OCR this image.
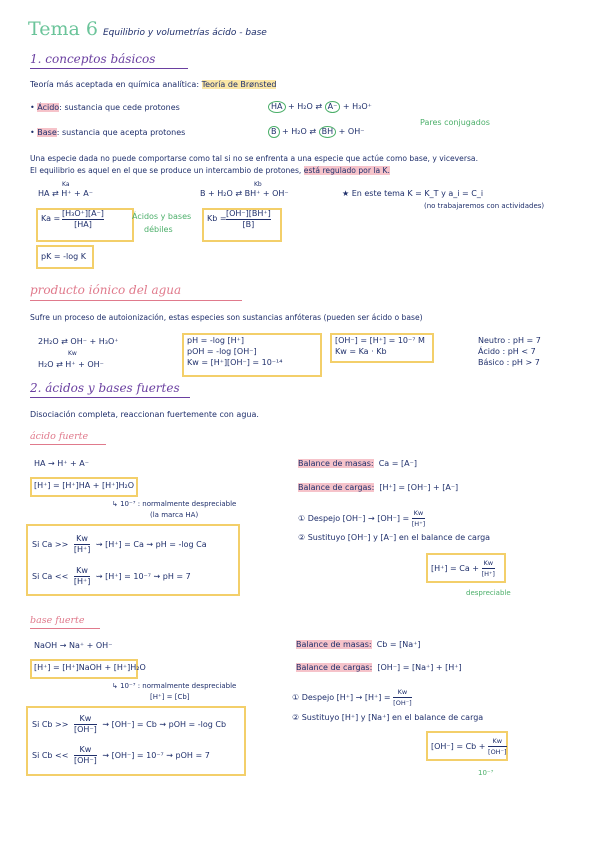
Tema 6 Equilibrio y volumetrías ácido - base
1. conceptos básicos
Teoría más aceptada en química analítica: Teoría de Brønsted
• Ácido: sustancia que cede protones	HA + H₂O ⇄ A⁻ + H₃O⁺
• Base: sustancia que acepta protones	B + H₂O ⇄ BH + OH⁻
Pares conjugados
Una especie dada no puede comportarse como tal si no se enfrenta a una especie que actúe como base, y viceversa.
El equilibrio es aquel en el que se produce un intercambio de protones, está regulado por la K.
Ka
HA ⇄ H⁺ + A⁻
Kb
B + H₂O ⇄ BH⁺ + OH⁻	★ En este tema K = K_T y a_i = C_i
(no trabajaremos con actividades)
Ka =
[H₃O⁺][A⁻]
[HA]
Ácidos y bases
débiles
Kb =
[OH⁻][BH⁺]
[B]
pK = -log K
producto iónico del agua
Sufre un proceso de autoionización, estas especies son sustancias anfóteras (pueden ser ácido o base)
2H₂O ⇄ OH⁻ + H₃O⁺
Kw
H₂O ⇄ H⁺ + OH⁻
pH = -log [H⁺]
pOH = -log [OH⁻]
Kw = [H⁺][OH⁻] = 10⁻¹⁴
[OH⁻] = [H⁺] = 10⁻⁷ M
Kw = Ka · Kb
Neutro : pH = 7
Ácido : pH < 7
Básico : pH > 7
2. ácidos y bases fuertes
Disociación completa, reaccionan fuertemente con agua.
ácido fuerte
HA → H⁺ + A⁻
[H⁺] = [H⁺]HA + [H⁺]H₂O
↳ 10⁻⁷ : normalmente despreciable
(la marca HA)
Si $Ca >> \frac{Kw}{[H^+]}$ ⇝ [H⁺] = Ca ⇝ pH = -log Ca
Si $Ca << \frac{Kw}{[H^+]}$ ⇝ [H⁺] = 10⁻⁷ ⇝ pH = 7
Balance de masas: Ca = [A⁻]
Balance de cargas: [H⁺] = [OH⁻] + [A⁻]
① Despejo $[OH^-] \to [OH^-] = \frac{Kw}{[H^+]}$
② Sustituyo [OH⁻] y [A⁻] en el balance de carga
$[H^+] = Ca + \frac{Kw}{[H^+]}$
despreciable
base fuerte
NaOH → Na⁺ + OH⁻
[H⁺] = [H⁺]NaOH + [H⁺]H₂O
↳ 10⁻⁷ : normalmente despreciable
[H⁺] = [Cb]
Si $Cb >> \frac{Kw}{[OH^-]}$ ⇝ [OH⁻] = Cb ⇝ pOH = -log Cb
Si $Cb << \frac{Kw}{[OH^-]}$ ⇝ [OH⁻] = 10⁻⁷ ⇝ pOH = 7
Balance de masas: Cb = [Na⁺]
Balance de cargas: [OH⁻] = [Na⁺] + [H⁺]
① Despejo $[H^+] \to [H^+] = \frac{Kw}{[OH^-]}$
② Sustituyo [H⁺] y [Na⁺] en el balance de carga
$[OH^-] = Cb + \frac{Kw}{[OH^-]}$
10⁻⁷
